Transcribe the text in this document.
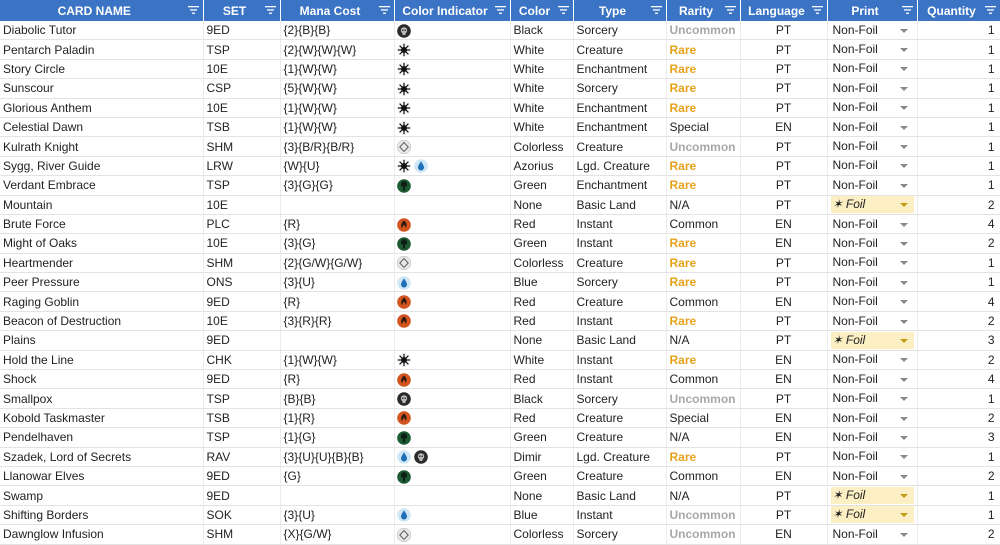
CARD NAME	SET	Mana Cost	Color Indicator	Color	Type	Rarity	Language	Print	Quantity

Diabolic Tutor	9ED	{2}{B}{B}		Black	Sorcery	Uncommon	PT	Non-Foil	1
Pentarch Paladin	TSP	{2}{W}{W}{W}		White	Creature	Rare	PT	Non-Foil	1
Story Circle	10E	{1}{W}{W}		White	Enchantment	Rare	PT	Non-Foil	1
Sunscour	CSP	{5}{W}{W}		White	Sorcery	Rare	PT	Non-Foil	1
Glorious Anthem	10E	{1}{W}{W}		White	Enchantment	Rare	PT	Non-Foil	1
Celestial Dawn	TSB	{1}{W}{W}		White	Enchantment	Special	EN	Non-Foil	1
Kulrath Knight	SHM	{3}{B/R}{B/R}		Colorless	Creature	Uncommon	PT	Non-Foil	1
Sygg, River Guide	LRW	{W}{U}		Azorius	Lgd. Creature	Rare	PT	Non-Foil	1
Verdant Embrace	TSP	{3}{G}{G}		Green	Enchantment	Rare	PT	Non-Foil	1
Mountain	10E			None	Basic Land	N/A	PT	✶ Foil	2
Brute Force	PLC	{R}		Red	Instant	Common	EN	Non-Foil	4
Might of Oaks	10E	{3}{G}		Green	Instant	Rare	EN	Non-Foil	2
Heartmender	SHM	{2}{G/W}{G/W}		Colorless	Creature	Rare	PT	Non-Foil	1
Peer Pressure	ONS	{3}{U}		Blue	Sorcery	Rare	PT	Non-Foil	1
Raging Goblin	9ED	{R}		Red	Creature	Common	EN	Non-Foil	4
Beacon of Destruction	10E	{3}{R}{R}		Red	Instant	Rare	PT	Non-Foil	2
Plains	9ED			None	Basic Land	N/A	PT	✶ Foil	3
Hold the Line	CHK	{1}{W}{W}		White	Instant	Rare	EN	Non-Foil	2
Shock	9ED	{R}		Red	Instant	Common	EN	Non-Foil	4
Smallpox	TSP	{B}{B}		Black	Sorcery	Uncommon	PT	Non-Foil	1
Kobold Taskmaster	TSB	{1}{R}		Red	Creature	Special	EN	Non-Foil	2
Pendelhaven	TSP	{1}{G}		Green	Creature	N/A	EN	Non-Foil	3
Szadek, Lord of Secrets	RAV	{3}{U}{U}{B}{B}		Dimir	Lgd. Creature	Rare	PT	Non-Foil	1
Llanowar Elves	9ED	{G}		Green	Creature	Common	EN	Non-Foil	2
Swamp	9ED			None	Basic Land	N/A	PT	✶ Foil	1
Shifting Borders	SOK	{3}{U}		Blue	Instant	Uncommon	PT	✶ Foil	1
Dawnglow Infusion	SHM	{X}{G/W}		Colorless	Sorcery	Uncommon	EN	Non-Foil	2
